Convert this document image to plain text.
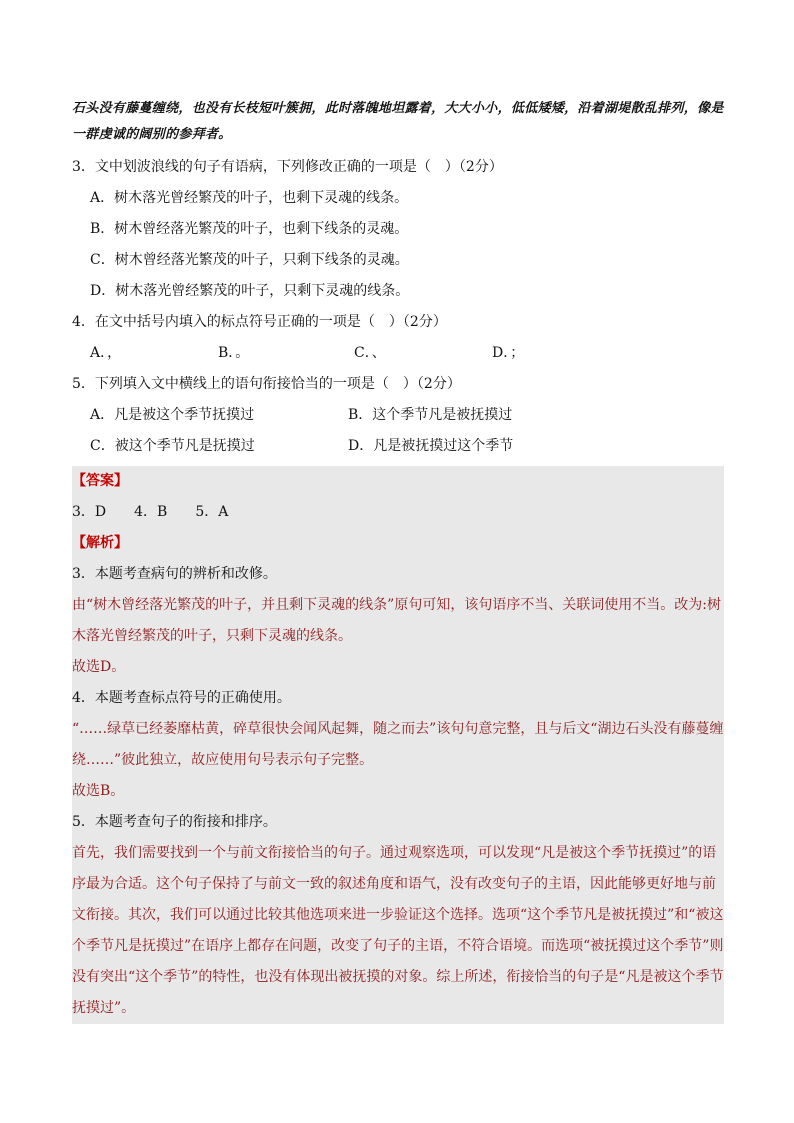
石头没有藤蔓缠绕，也没有长枝短叶簇拥，此时落魄地坦露着，大大小小，低低矮矮，沿着湖堤散乱排列，像是一群虔诚的阔别的参拜者。

3．文中划波浪线的句子有语病，下列修改正确的一项是（　）（2分）

A．树木落光曾经繁茂的叶子，也剩下灵魂的线条。

B．树木曾经落光繁茂的叶子，也剩下线条的灵魂。

C．树木曾经落光繁茂的叶子，只剩下线条的灵魂。

D．树木落光曾经繁茂的叶子，只剩下灵魂的线条。

4．在文中括号内填入的标点符号正确的一项是（　）（2分）

A．，	B．。	C．、	D．；

5．下列填入文中横线上的语句衔接恰当的一项是（　）（2分）

A．凡是被这个季节抚摸过	B．这个季节凡是被抚摸过
C．被这个季节凡是抚摸过	D．凡是被抚摸过这个季节

【答案】

3．D　　4．B　　5．A

【解析】

3．本题考查病句的辨析和改修。

由“树木曾经落光繁茂的叶子，并且剩下灵魂的线条”原句可知，该句语序不当、关联词使用不当。改为:树木落光曾经繁茂的叶子，只剩下灵魂的线条。

故选D。

4．本题考查标点符号的正确使用。

“……绿草已经萎靡枯黄，碎草很快会闻风起舞，随之而去”该句句意完整，且与后文“湖边石头没有藤蔓缠绕……”彼此独立，故应使用句号表示句子完整。

故选B。

5．本题考查句子的衔接和排序。

首先，我们需要找到一个与前文衔接恰当的句子。通过观察选项，可以发现“凡是被这个季节抚摸过”的语序最为合适。这个句子保持了与前文一致的叙述角度和语气，没有改变句子的主语，因此能够更好地与前文衔接。其次，我们可以通过比较其他选项来进一步验证这个选择。选项“这个季节凡是被抚摸过”和“被这个季节凡是抚摸过”在语序上都存在问题，改变了句子的主语，不符合语境。而选项“被抚摸过这个季节”则没有突出“这个季节”的特性，也没有体现出被抚摸的对象。综上所述，衔接恰当的句子是“凡是被这个季节抚摸过”。
